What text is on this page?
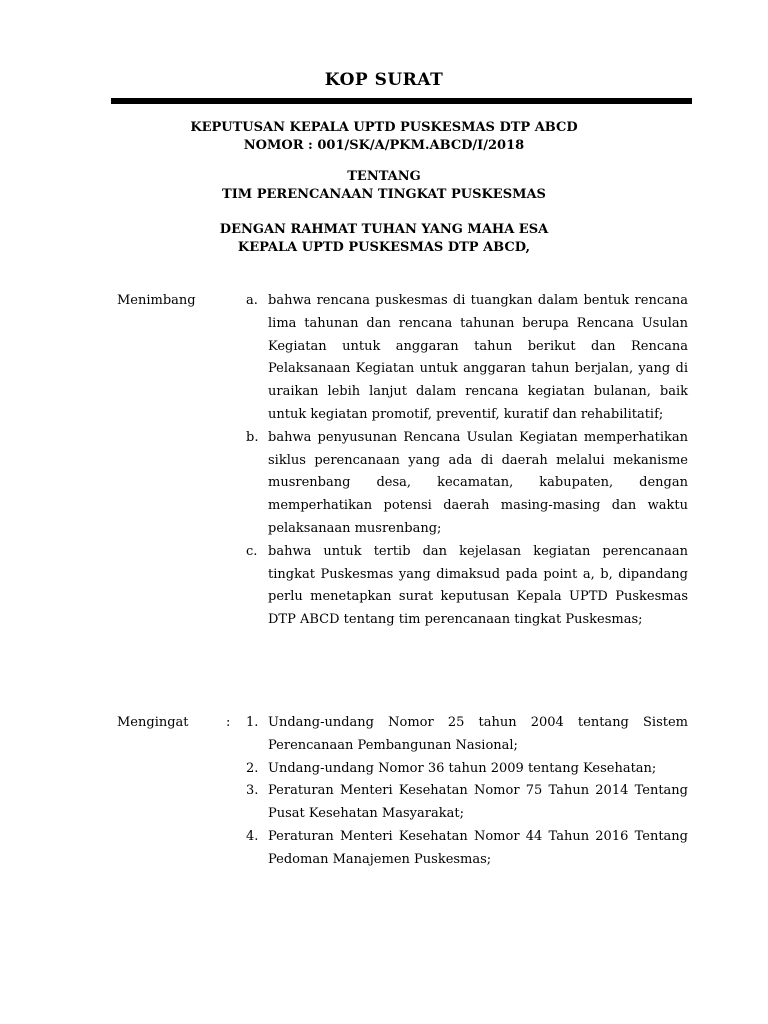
KOP SURAT
KEPUTUSAN KEPALA UPTD PUSKESMAS DTP ABCD
NOMOR : 001/SK/A/PKM.ABCD/I/2018
TENTANG
TIM PERENCANAAN TINGKAT PUSKESMAS
DENGAN RAHMAT TUHAN YANG MAHA ESA
KEPALA UPTD PUSKESMAS DTP ABCD,
Menimbang	a. bahwa rencana puskesmas di tuangkan dalam bentuk rencana lima tahunan dan rencana tahunan berupa Rencana Usulan Kegiatan untuk anggaran tahun berikut dan Rencana Pelaksanaan Kegiatan untuk anggaran tahun berjalan, yang di uraikan lebih lanjut dalam rencana kegiatan bulanan, baik untuk kegiatan promotif, preventif, kuratif dan rehabilitatif;
b. bahwa penyusunan Rencana Usulan Kegiatan memperhatikan siklus perencanaan yang ada di daerah melalui mekanisme musrenbang desa, kecamatan, kabupaten, dengan memperhatikan potensi daerah masing-masing dan waktu pelaksanaan musrenbang;
c. bahwa untuk tertib dan kejelasan kegiatan perencanaan tingkat Puskesmas yang dimaksud pada point a, b, dipandang perlu menetapkan surat keputusan Kepala UPTD Puskesmas DTP ABCD tentang tim perencanaan tingkat Puskesmas;
Mengingat	:	1. Undang-undang Nomor 25 tahun 2004 tentang Sistem Perencanaan Pembangunan Nasional;
2. Undang-undang Nomor 36 tahun 2009 tentang Kesehatan;
3. Peraturan Menteri Kesehatan Nomor 75 Tahun 2014 Tentang Pusat Kesehatan Masyarakat;
4. Peraturan Menteri Kesehatan Nomor 44 Tahun 2016 Tentang Pedoman Manajemen Puskesmas;
